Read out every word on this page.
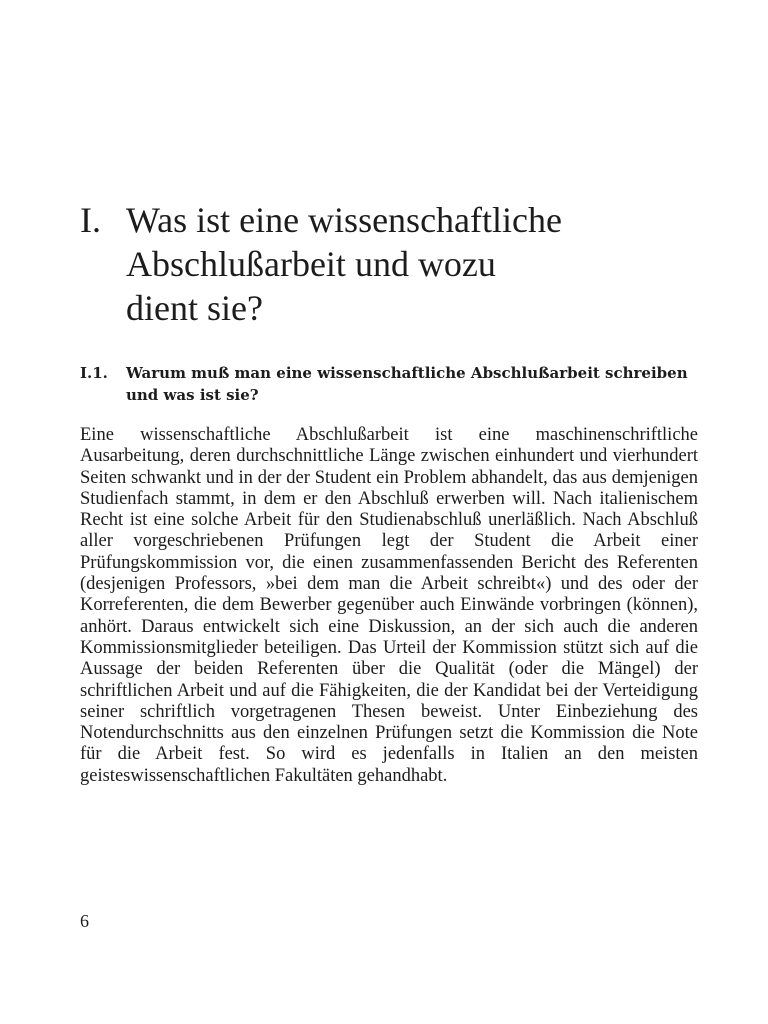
I. Was ist eine wissenschaftliche
Abschlußarbeit und wozu
dient sie?
I.1.	Warum muß man eine wissenschaftliche Abschlußarbeit schreiben und was ist sie?

Eine wissenschaftliche Abschlußarbeit ist eine maschinenschriftliche Ausarbeitung, deren durchschnittliche Länge zwischen einhundert und vierhundert Seiten schwankt und in der der Student ein Problem abhandelt, das aus demjenigen Studienfach stammt, in dem er den Abschluß erwerben will. Nach italienischem Recht ist eine solche Arbeit für den Studienabschluß unerläßlich. Nach Abschluß aller vorgeschriebenen Prüfungen legt der Student die Arbeit einer Prüfungskommission vor, die einen zusammenfassenden Bericht des Referenten (desjenigen Professors, »bei dem man die Arbeit schreibt«) und des oder der Korreferenten, die dem Bewerber gegenüber auch Einwände vorbringen (können), anhört. Daraus entwickelt sich eine Diskussion, an der sich auch die anderen Kommissionsmitglieder beteiligen. Das Urteil der Kommission stützt sich auf die Aussage der beiden Referenten über die Qualität (oder die Mängel) der schriftlichen Arbeit und auf die Fähigkeiten, die der Kandidat bei der Verteidigung seiner schriftlich vorgetragenen Thesen beweist. Unter Einbeziehung des Notendurchschnitts aus den einzelnen Prüfungen setzt die Kommission die Note für die Arbeit fest. So wird es jedenfalls in Italien an den meisten geisteswissenschaftlichen Fakultäten gehandhabt.

6
